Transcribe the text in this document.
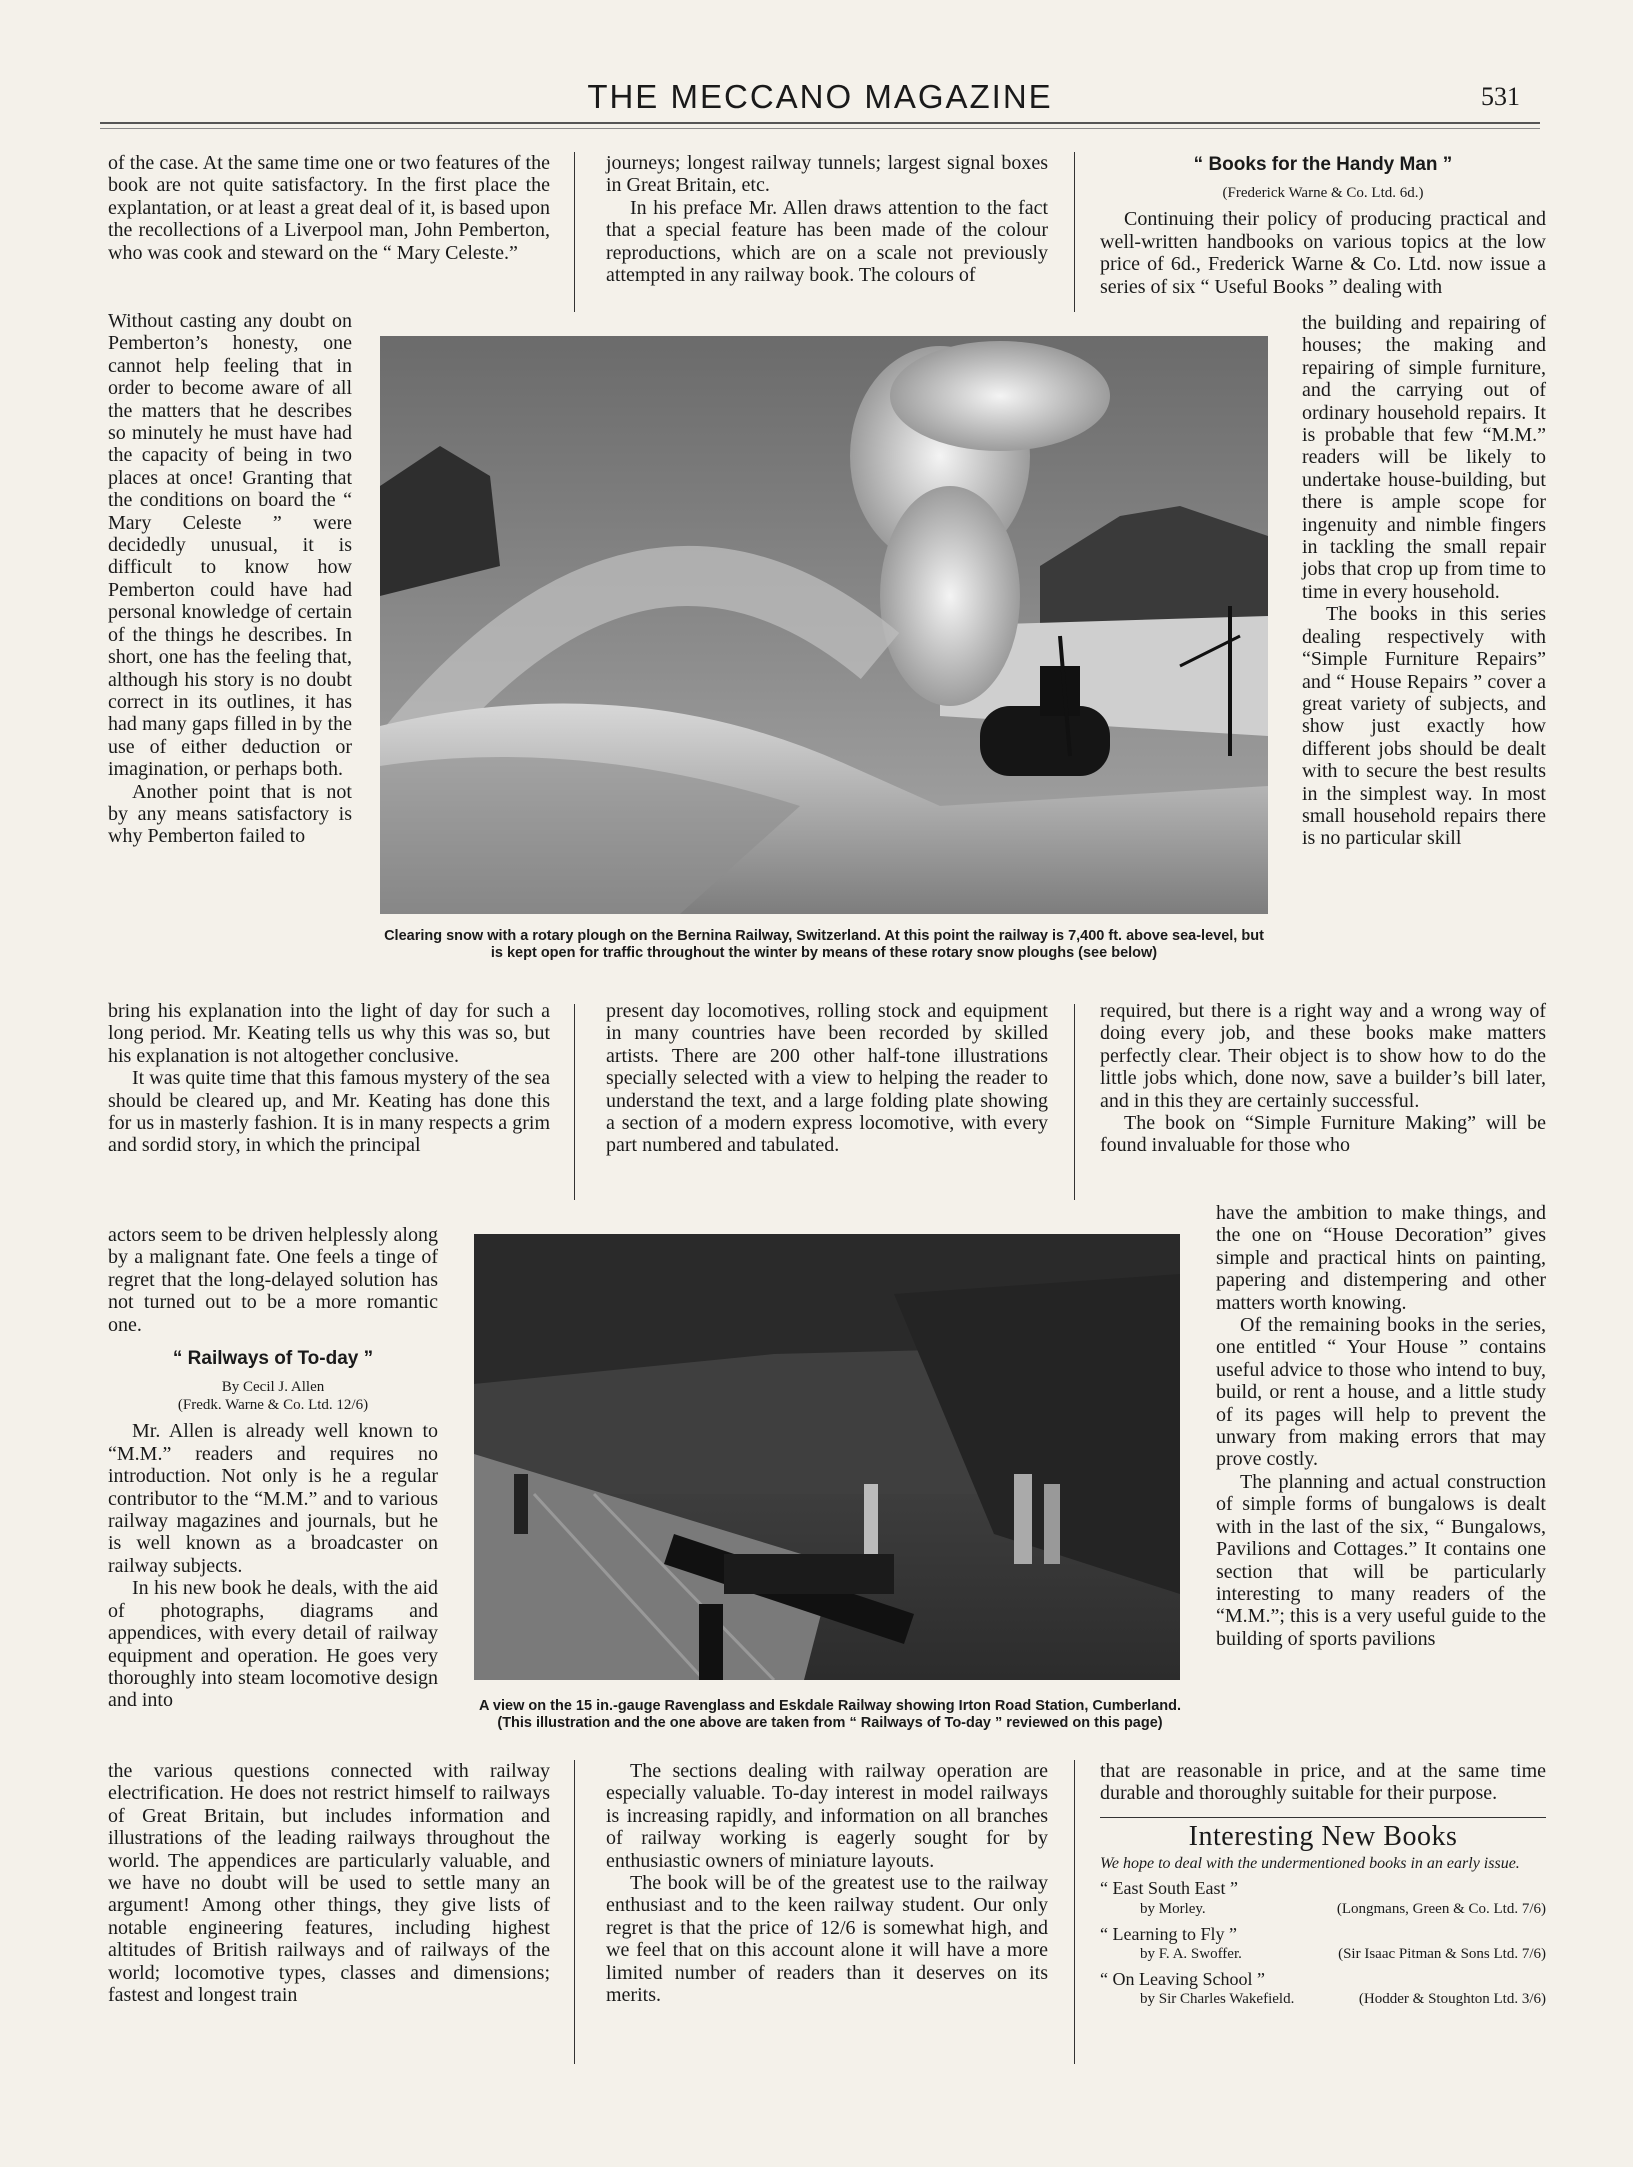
THE MECCANO MAGAZINE	531

of the case. At the same time one or two features of the book are not quite satisfactory. In the first place the explantation, or at least a great deal of it, is based upon the recollections of a Liverpool man, John Pemberton, who was cook and steward on the “ Mary Celeste.”

Without casting any doubt on Pemberton’s honesty, one cannot help feeling that in order to become aware of all the matters that he describes so minutely he must have had the capacity of being in two places at once! Granting that the conditions on board the “ Mary Celeste ” were decidedly unusual, it is difficult to know how Pemberton could have had personal knowledge of certain of the things he describes. In short, one has the feeling that, although his story is no doubt correct in its outlines, it has had many gaps filled in by the use of either deduction or imagination, or perhaps both.

Another point that is not by any means satisfactory is why Pemberton failed to

bring his explanation into the light of day for such a long period. Mr. Keating tells us why this was so, but his explanation is not altogether conclusive.

It was quite time that this famous mystery of the sea should be cleared up, and Mr. Keating has done this for us in masterly fashion. It is in many respects a grim and sordid story, in which the principal

actors seem to be driven helplessly along by a malignant fate. One feels a tinge of regret that the long-delayed solution has not turned out to be a more romantic one.

“ Railways of To-day ”
By Cecil J. Allen
(Fredk. Warne & Co. Ltd. 12/6)

Mr. Allen is already well known to “M.M.” readers and requires no introduction. Not only is he a regular contributor to the “M.M.” and to various railway magazines and journals, but he is well known as a broadcaster on railway subjects.

In his new book he deals, with the aid of photographs, diagrams and appendices, with every detail of railway equipment and operation. He goes very thoroughly into steam locomotive design and into

the various questions connected with railway electrification. He does not restrict himself to railways of Great Britain, but includes information and illustrations of the leading railways throughout the world. The appendices are particularly valuable, and we have no doubt will be used to settle many an argument! Among other things, they give lists of notable engineering features, including highest altitudes of British railways and of railways of the world; locomotive types, classes and dimensions; fastest and longest train

journeys; longest railway tunnels; largest signal boxes in Great Britain, etc.

In his preface Mr. Allen draws attention to the fact that a special feature has been made of the colour reproductions, which are on a scale not previously attempted in any railway book. The colours of

present day locomotives, rolling stock and equipment in many countries have been recorded by skilled artists. There are 200 other half-tone illustrations specially selected with a view to helping the reader to understand the text, and a large folding plate showing a section of a modern express locomotive, with every part numbered and tabulated.

The sections dealing with railway operation are especially valuable. To-day interest in model railways is increasing rapidly, and information on all branches of railway working is eagerly sought for by enthusiastic owners of miniature layouts.

The book will be of the greatest use to the railway enthusiast and to the keen railway student. Our only regret is that the price of 12/6 is somewhat high, and we feel that on this account alone it will have a more limited number of readers than it deserves on its merits.

“ Books for the Handy Man ”
(Frederick Warne & Co. Ltd. 6d.)

Continuing their policy of producing practical and well-written handbooks on various topics at the low price of 6d., Frederick Warne & Co. Ltd. now issue a series of six “ Useful Books ” dealing with

the building and repairing of houses; the making and repairing of simple furniture, and the carrying out of ordinary household repairs. It is probable that few “M.M.” readers will be likely to undertake house-building, but there is ample scope for ingenuity and nimble fingers in tackling the small repair jobs that crop up from time to time in every household.

The books in this series dealing respectively with “Simple Furniture Repairs” and “ House Repairs ” cover a great variety of subjects, and show just exactly how different jobs should be dealt with to secure the best results in the simplest way. In most small household repairs there is no particular skill

required, but there is a right way and a wrong way of doing every job, and these books make matters perfectly clear. Their object is to show how to do the little jobs which, done now, save a builder’s bill later, and in this they are certainly successful.

The book on “Simple Furniture Making” will be found invaluable for those who

have the ambition to make things, and the one on “House Decoration” gives simple and practical hints on painting, papering and distempering and other matters worth knowing.

Of the remaining books in the series, one entitled “ Your House ” contains useful advice to those who intend to buy, build, or rent a house, and a little study of its pages will help to prevent the unwary from making errors that may prove costly.

The planning and actual construction of simple forms of bungalows is dealt with in the last of the six, “ Bungalows, Pavilions and Cottages.” It contains one section that will be particularly interesting to many readers of the “M.M.”; this is a very useful guide to the building of sports pavilions

that are reasonable in price, and at the same time durable and thoroughly suitable for their purpose.

Interesting New Books
We hope to deal with the undermentioned books in an early issue.
“ East South East ”
by Morley.	(Longmans, Green & Co. Ltd. 7/6)
“ Learning to Fly ”
by F. A. Swoffer.	(Sir Isaac Pitman & Sons Ltd. 7/6)
“ On Leaving School ”
by Sir Charles Wakefield.	(Hodder & Stoughton Ltd. 3/6)
Clearing snow with a rotary plough on the Bernina Railway, Switzerland. At this point the railway is 7,400 ft. above sea-level, but is kept open for traffic throughout the winter by means of these rotary snow ploughs (see below)
A view on the 15 in.-gauge Ravenglass and Eskdale Railway showing Irton Road Station, Cumberland. (This illustration and the one above are taken from “ Railways of To-day ” reviewed on this page)
